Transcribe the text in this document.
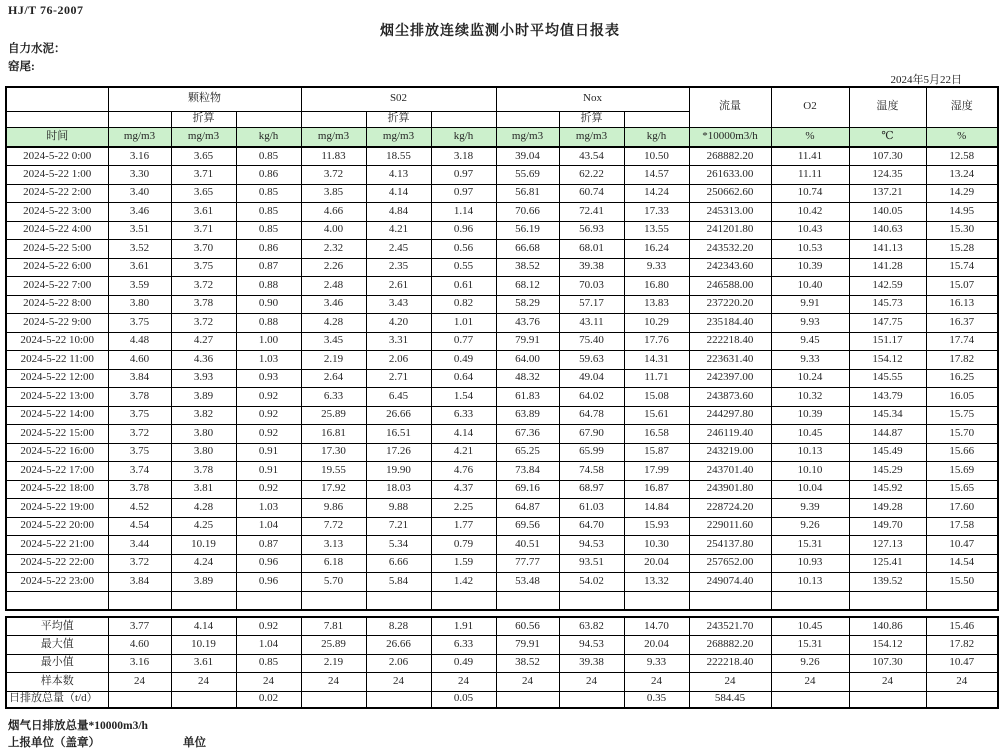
HJ/T 76-2007
烟尘排放连续监测小时平均值日报表
自力水泥：
窑尾:
2024年5月22日
	颗粒物			S02			Nox			流量	O2	温度	湿度
		折算			折算			折算					
时间	mg/m3	mg/m3	kg/h	mg/m3	mg/m3	kg/h	mg/m3	mg/m3	kg/h	*10000m3/h	%	℃	%
2024-5-22 0:00	3.16	3.65	0.85	11.83	18.55	3.18	39.04	43.54	10.50	268882.20	11.41	107.30	12.58
2024-5-22 1:00	3.30	3.71	0.86	3.72	4.13	0.97	55.69	62.22	14.57	261633.00	11.11	124.35	13.24
2024-5-22 2:00	3.40	3.65	0.85	3.85	4.14	0.97	56.81	60.74	14.24	250662.60	10.74	137.21	14.29
2024-5-22 3:00	3.46	3.61	0.85	4.66	4.84	1.14	70.66	72.41	17.33	245313.00	10.42	140.05	14.95
2024-5-22 4:00	3.51	3.71	0.85	4.00	4.21	0.96	56.19	56.93	13.55	241201.80	10.43	140.63	15.30
2024-5-22 5:00	3.52	3.70	0.86	2.32	2.45	0.56	66.68	68.01	16.24	243532.20	10.53	141.13	15.28
2024-5-22 6:00	3.61	3.75	0.87	2.26	2.35	0.55	38.52	39.38	9.33	242343.60	10.39	141.28	15.74
2024-5-22 7:00	3.59	3.72	0.88	2.48	2.61	0.61	68.12	70.03	16.80	246588.00	10.40	142.59	15.07
2024-5-22 8:00	3.80	3.78	0.90	3.46	3.43	0.82	58.29	57.17	13.83	237220.20	9.91	145.73	16.13
2024-5-22 9:00	3.75	3.72	0.88	4.28	4.20	1.01	43.76	43.11	10.29	235184.40	9.93	147.75	16.37
2024-5-22 10:00	4.48	4.27	1.00	3.45	3.31	0.77	79.91	75.40	17.76	222218.40	9.45	151.17	17.74
2024-5-22 11:00	4.60	4.36	1.03	2.19	2.06	0.49	64.00	59.63	14.31	223631.40	9.33	154.12	17.82
2024-5-22 12:00	3.84	3.93	0.93	2.64	2.71	0.64	48.32	49.04	11.71	242397.00	10.24	145.55	16.25
2024-5-22 13:00	3.78	3.89	0.92	6.33	6.45	1.54	61.83	64.02	15.08	243873.60	10.32	143.79	16.05
2024-5-22 14:00	3.75	3.82	0.92	25.89	26.66	6.33	63.89	64.78	15.61	244297.80	10.39	145.34	15.75
2024-5-22 15:00	3.72	3.80	0.92	16.81	16.51	4.14	67.36	67.90	16.58	246119.40	10.45	144.87	15.70
2024-5-22 16:00	3.75	3.80	0.91	17.30	17.26	4.21	65.25	65.99	15.87	243219.00	10.13	145.49	15.66
2024-5-22 17:00	3.74	3.78	0.91	19.55	19.90	4.76	73.84	74.58	17.99	243701.40	10.10	145.29	15.69
2024-5-22 18:00	3.78	3.81	0.92	17.92	18.03	4.37	69.16	68.97	16.87	243901.80	10.04	145.92	15.65
2024-5-22 19:00	4.52	4.28	1.03	9.86	9.88	2.25	64.87	61.03	14.84	228724.20	9.39	149.28	17.60
2024-5-22 20:00	4.54	4.25	1.04	7.72	7.21	1.77	69.56	64.70	15.93	229011.60	9.26	149.70	17.58
2024-5-22 21:00	3.44	10.19	0.87	3.13	5.34	0.79	40.51	94.53	10.30	254137.80	15.31	127.13	10.47
2024-5-22 22:00	3.72	4.24	0.96	6.18	6.66	1.59	77.77	93.51	20.04	257652.00	10.93	125.41	14.54
2024-5-22 23:00	3.84	3.89	0.96	5.70	5.84	1.42	53.48	54.02	13.32	249074.40	10.13	139.52	15.50

平均值	3.77	4.14	0.92	7.81	8.28	1.91	60.56	63.82	14.70	243521.70	10.45	140.86	15.46
最大值	4.60	10.19	1.04	25.89	26.66	6.33	79.91	94.53	20.04	268882.20	15.31	154.12	17.82
最小值	3.16	3.61	0.85	2.19	2.06	0.49	38.52	39.38	9.33	222218.40	9.26	107.30	10.47
样本数	24	24	24	24	24	24	24	24	24	24	24	24	24
日排放总量（t/d）			0.02			0.05			0.35	584.45			
烟气日排放总量*10000m3/h
上报单位（盖章）	单位
